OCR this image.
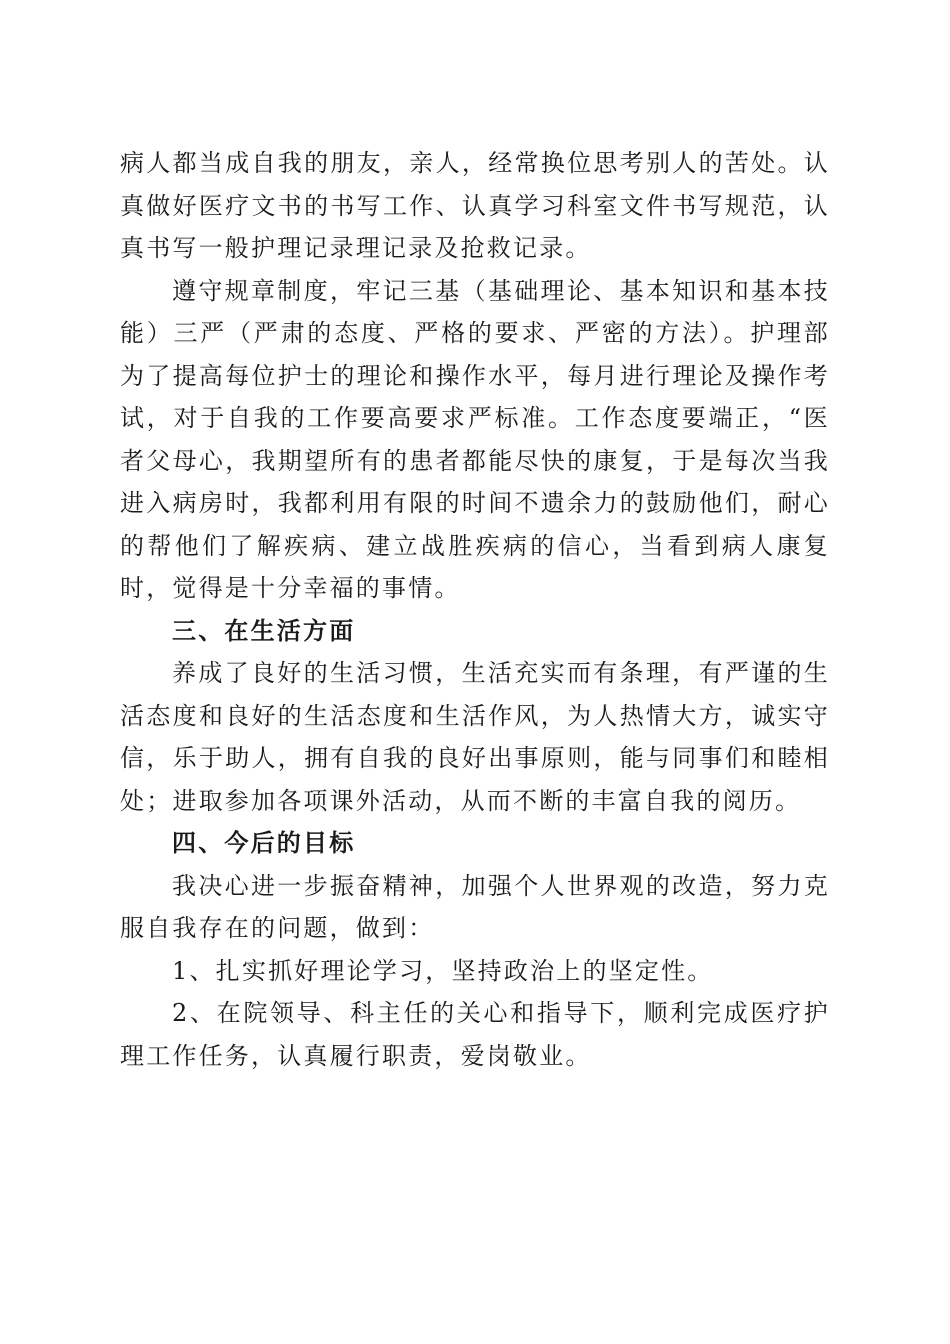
病人都当成自我的朋友，亲人，经常换位思考别人的苦处。认真做好医疗文书的书写工作、认真学习科室文件书写规范，认真书写一般护理记录理记录及抢救记录。

遵守规章制度，牢记三基（基础理论、基本知识和基本技能）三严（严肃的态度、严格的要求、严密的方法）。护理部为了提高每位护士的理论和操作水平，每月进行理论及操作考试，对于自我的工作要高要求严标准。工作态度要端正，“医者父母心，我期望所有的患者都能尽快的康复，于是每次当我进入病房时，我都利用有限的时间不遗余力的鼓励他们，耐心的帮他们了解疾病、建立战胜疾病的信心，当看到病人康复时，觉得是十分幸福的事情。

三、在生活方面

养成了良好的生活习惯，生活充实而有条理，有严谨的生活态度和良好的生活态度和生活作风，为人热情大方，诚实守信，乐于助人，拥有自我的良好出事原则，能与同事们和睦相处；进取参加各项课外活动，从而不断的丰富自我的阅历。

四、今后的目标

我决心进一步振奋精神，加强个人世界观的改造，努力克服自我存在的问题，做到：

1、扎实抓好理论学习，坚持政治上的坚定性。

2、在院领导、科主任的关心和指导下，顺利完成医疗护理工作任务，认真履行职责，爱岗敬业。
